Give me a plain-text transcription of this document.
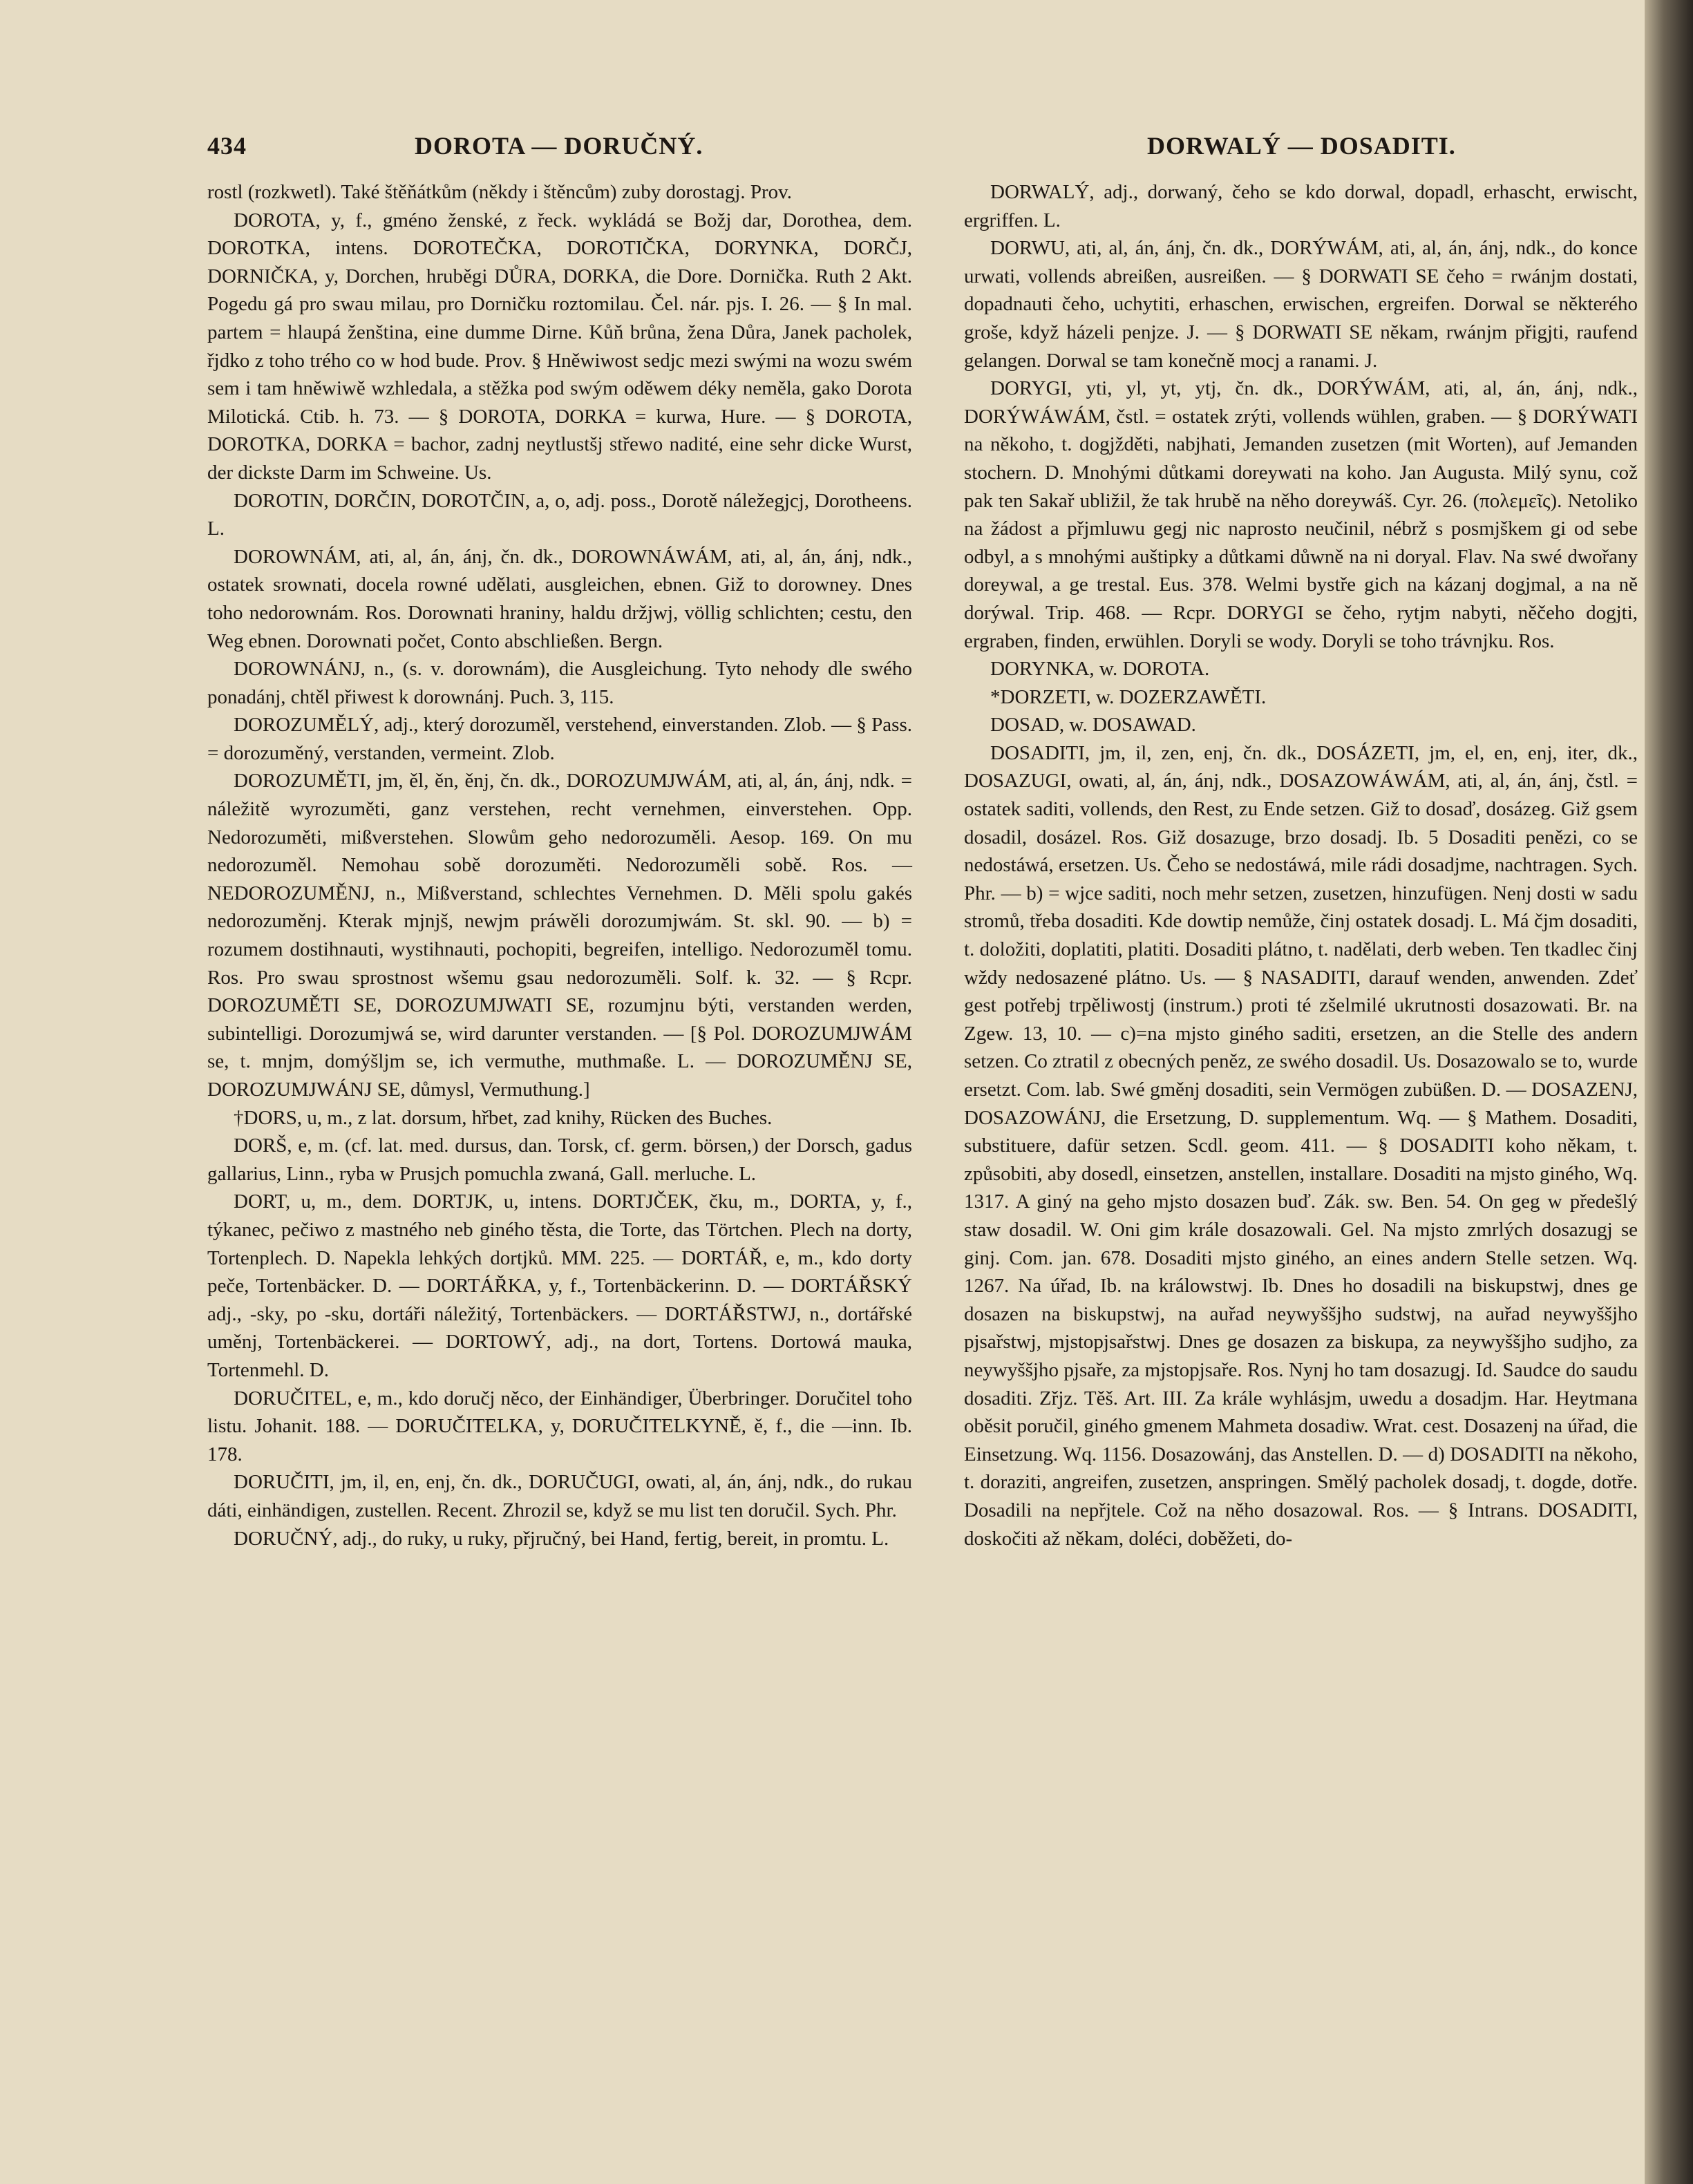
434	DOROTA — DORUČNÝ.	DORWALÝ — DOSADITI.

rostl (rozkwetl). Také štěňátkům (někdy i štěncům) zuby dorostagj. Prov.

DOROTA, y, f., gméno ženské, z řeck. wykládá se Božj dar, Dorothea, dem. DOROTKA, intens. DOROTEČKA, DOROTIČKA, DORYNKA, DORČJ, DORNIČKA, y, Dorchen, hruběgi DŮRA, DORKA, die Dore. Dornička. Ruth 2 Akt. Pogedu gá pro swau milau, pro Dorničku roztomilau. Čel. nár. pjs. I. 26. — § In mal. partem = hlaupá ženština, eine dumme Dirne. Kůň brůna, žena Důra, Janek pacholek, řjdko z toho trého co w hod bude. Prov. § Hněwiwost sedjc mezi swými na wozu swém sem i tam hněwiwě wzhledala, a stěžka pod swým oděwem déky neměla, gako Dorota Milotická. Ctib. h. 73. — § DOROTA, DORKA = kurwa, Hure. — § DOROTA, DOROTKA, DORKA = bachor, zadnj neytlustšj střewo nadité, eine sehr dicke Wurst, der dickste Darm im Schweine. Us.

DOROTIN, DORČIN, DOROTČIN, a, o, adj. poss., Dorotě náležegjcj, Dorotheens. L.

DOROWNÁM, ati, al, án, ánj, čn. dk., DOROWNÁWÁM, ati, al, án, ánj, ndk., ostatek srownati, docela rowné udělati, ausgleichen, ebnen. Giž to dorowney. Dnes toho nedorownám. Ros. Dorownati hraniny, haldu držjwj, völlig schlichten; cestu, den Weg ebnen. Dorownati počet, Conto abschließen. Bergn.

DOROWNÁNJ, n., (s. v. dorownám), die Ausgleichung. Tyto nehody dle swého ponadánj, chtěl přiwest k dorownánj. Puch. 3, 115.

DOROZUMĚLÝ, adj., který dorozuměl, verstehend, einverstanden. Zlob. — § Pass. = dorozuměný, verstanden, vermeint. Zlob.

DOROZUMĚTI, jm, ěl, ěn, ěnj, čn. dk., DOROZUMJWÁM, ati, al, án, ánj, ndk. = náležitě wyrozuměti, ganz verstehen, recht vernehmen, einverstehen. Opp. Nedorozuměti, mißverstehen. Slowům geho nedorozuměli. Aesop. 169. On mu nedorozuměl. Nemohau sobě dorozuměti. Nedorozuměli sobě. Ros. — NEDOROZUMĚNJ, n., Mißverstand, schlechtes Vernehmen. D. Měli spolu gakés nedorozuměnj. Kterak mjnjš, newjm práwěli dorozumjwám. St. skl. 90. — b) = rozumem dostihnauti, wystihnauti, pochopiti, begreifen, intelligo. Nedorozuměl tomu. Ros. Pro swau sprostnost wšemu gsau nedorozuměli. Solf. k. 32. — § Rcpr. DOROZUMĚTI SE, DOROZUMJWATI SE, rozumjnu býti, verstanden werden, subintelligi. Dorozumjwá se, wird darunter verstanden. — [§ Pol. DOROZUMJWÁM se, t. mnjm, domýšljm se, ich vermuthe, muthmaße. L. — DOROZUMĚNJ SE, DOROZUMJWÁNJ SE, důmysl, Vermuthung.]

†DORS, u, m., z lat. dorsum, hřbet, zad knihy, Rücken des Buches.

DORŠ, e, m. (cf. lat. med. dursus, dan. Torsk, cf. germ. börsen,) der Dorsch, gadus gallarius, Linn., ryba w Prusjch pomuchla zwaná, Gall. merluche. L.

DORT, u, m., dem. DORTJK, u, intens. DORTJČEK, čku, m., DORTA, y, f., týkanec, pečiwo z mastného neb giného těsta, die Torte, das Törtchen. Plech na dorty, Tortenplech. D. Napekla lehkých dortjků. MM. 225. — DORTÁŘ, e, m., kdo dorty peče, Tortenbäcker. D. — DORTÁŘKA, y, f., Tortenbäckerinn. D. — DORTÁŘSKÝ adj., -sky, po -sku, dortáři náležitý, Tortenbäckers. — DORTÁŘSTWJ, n., dortářské uměnj, Tortenbäckerei. — DORTOWÝ, adj., na dort, Tortens. Dortowá mauka, Tortenmehl. D.

DORUČITEL, e, m., kdo doručj něco, der Einhändiger, Überbringer. Doručitel toho listu. Johanit. 188. — DORUČITELKA, y, DORUČITELKYNĚ, ě, f., die —inn. Ib. 178.

DORUČITI, jm, il, en, enj, čn. dk., DORUČUGI, owati, al, án, ánj, ndk., do rukau dáti, einhändigen, zustellen. Recent. Zhrozil se, když se mu list ten doručil. Sych. Phr.

DORUČNÝ, adj., do ruky, u ruky, přjručný, bei Hand, fertig, bereit, in promtu. L.

DORWALÝ, adj., dorwaný, čeho se kdo dorwal, dopadl, erhascht, erwischt, ergriffen. L.

DORWU, ati, al, án, ánj, čn. dk., DORÝWÁM, ati, al, án, ánj, ndk., do konce urwati, vollends abreißen, ausreißen. — § DORWATI SE čeho = rwánjm dostati, dopadnauti čeho, uchytiti, erhaschen, erwischen, ergreifen. Dorwal se některého groše, když házeli penjze. J. — § DORWATI SE někam, rwánjm přigjti, raufend gelangen. Dorwal se tam konečně mocj a ranami. J.

DORYGI, yti, yl, yt, ytj, čn. dk., DORÝWÁM, ati, al, án, ánj, ndk., DORÝWÁWÁM, čstl. = ostatek zrýti, vollends wühlen, graben. — § DORÝWATI na někoho, t. dogjžděti, nabjhati, Jemanden zusetzen (mit Worten), auf Jemanden stochern. D. Mnohými důtkami doreywati na koho. Jan Augusta. Milý synu, což pak ten Sakař ubližil, že tak hrubě na něho doreywáš. Cyr. 26. (πολεμεῖς). Netoliko na žádost a přjmluwu gegj nic naprosto neučinil, nébrž s posmjškem gi od sebe odbyl, a s mnohými auštipky a důtkami důwně na ni doryal. Flav. Na swé dwořany doreywal, a ge trestal. Eus. 378. Welmi bystře gich na kázanj dogjmal, a na ně dorýwal. Trip. 468. — Rcpr. DORYGI se čeho, rytjm nabyti, něčeho dogjti, ergraben, finden, erwühlen. Doryli se wody. Doryli se toho trávnjku. Ros.

DORYNKA, w. DOROTA.

*DORZETI, w. DOZERZAWĚTI.

DOSAD, w. DOSAWAD.

DOSADITI, jm, il, zen, enj, čn. dk., DOSÁZETI, jm, el, en, enj, iter, dk., DOSAZUGI, owati, al, án, ánj, ndk., DOSAZOWÁWÁM, ati, al, án, ánj, čstl. = ostatek saditi, vollends, den Rest, zu Ende setzen. Giž to dosaď, dosázeg. Giž gsem dosadil, dosázel. Ros. Giž dosazuge, brzo dosadj. Ib. 5 Dosaditi penězi, co se nedostáwá, ersetzen. Us. Čeho se nedostáwá, mile rádi dosadjme, nachtragen. Sych. Phr. — b) = wjce saditi, noch mehr setzen, zusetzen, hinzufügen. Nenj dosti w sadu stromů, třeba dosaditi. Kde dowtip nemůže, činj ostatek dosadj. L. Má čjm dosaditi, t. doložiti, doplatiti, platiti. Dosaditi plátno, t. nadělati, derb weben. Ten tkadlec činj wždy nedosazené plátno. Us. — § NASADITI, darauf wenden, anwenden. Zdeť gest potřebj trpěliwostj (instrum.) proti té zšelmilé ukrutnosti dosazowati. Br. na Zgew. 13, 10. — c)=na mjsto giného saditi, ersetzen, an die Stelle des andern setzen. Co ztratil z obecných peněz, ze swého dosadil. Us. Dosazowalo se to, wurde ersetzt. Com. lab. Swé gměnj dosaditi, sein Vermögen zubüßen. D. — DOSAZENJ, DOSAZOWÁNJ, die Ersetzung, D. supplementum. Wq. — § Mathem. Dosaditi, substituere, dafür setzen. Scdl. geom. 411. — § DOSADITI koho někam, t. způsobiti, aby dosedl, einsetzen, anstellen, installare. Dosaditi na mjsto giného, Wq. 1317. A giný na geho mjsto dosazen buď. Zák. sw. Ben. 54. On geg w předešlý staw dosadil. W. Oni gim krále dosazowali. Gel. Na mjsto zmrlých dosazugj se ginj. Com. jan. 678. Dosaditi mjsto giného, an eines andern Stelle setzen. Wq. 1267. Na úřad, Ib. na králowstwj. Ib. Dnes ho dosadili na biskupstwj, dnes ge dosazen na biskupstwj, na auřad neywyššjho sudstwj, na auřad neywyššjho pjsařstwj, mjstopjsařstwj. Dnes ge dosazen za biskupa, za neywyššjho sudjho, za neywyššjho pjsaře, za mjstopjsaře. Ros. Nynj ho tam dosazugj. Id. Saudce do saudu dosaditi. Zřjz. Těš. Art. III. Za krále wyhlásjm, uwedu a dosadjm. Har. Heytmana oběsit poručil, giného gmenem Mahmeta dosadiw. Wrat. cest. Dosazenj na úřad, die Einsetzung. Wq. 1156. Dosazowánj, das Anstellen. D. — d) DOSADITI na někoho, t. doraziti, angreifen, zusetzen, anspringen. Smělý pacholek dosadj, t. dogde, dotře. Dosadili na nepřjtele. Což na něho dosazowal. Ros. — § Intrans. DOSADITI, doskočiti až někam, doléci, doběžeti, do-
